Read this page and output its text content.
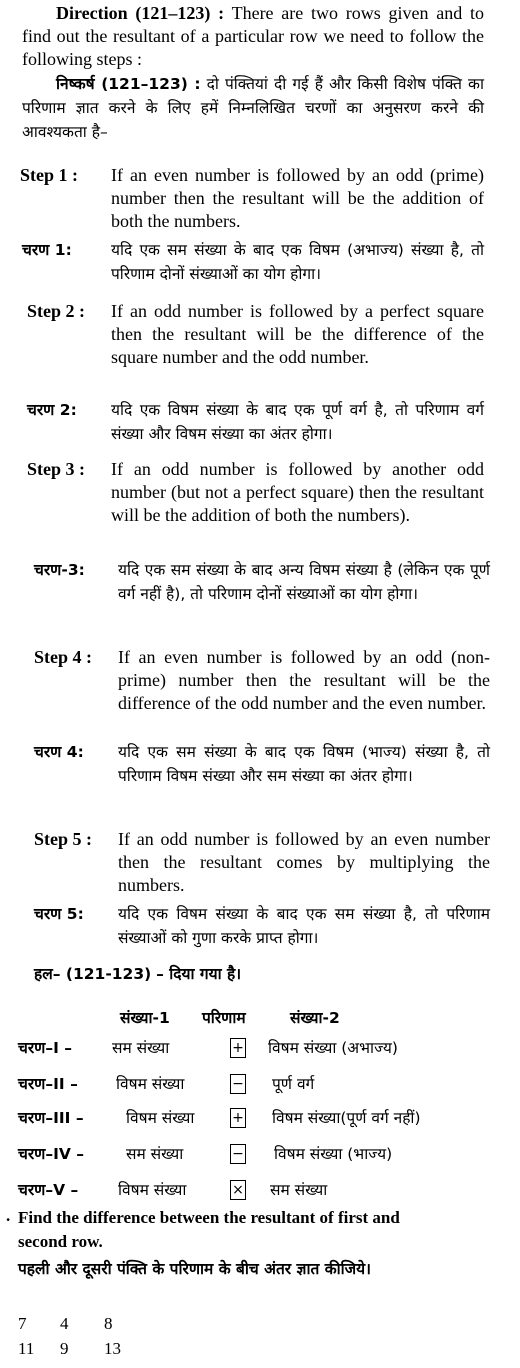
Direction (121–123) : There are two rows given and to find out the resultant of a particular row we need to follow the following steps :
निष्कर्ष (121–123) : दो पंक्तियां दी गई हैं और किसी विशेष पंक्ति का परिणाम ज्ञात करने के लिए हमें निम्नलिखित चरणों का अनुसरण करने की आवश्यकता है–
Step 1 :	If an even number is followed by an odd (prime) number then the resultant will be the addition of both the numbers.
चरण 1:	यदि एक सम संख्या के बाद एक विषम (अभाज्य) संख्या है, तो परिणाम दोनों संख्याओं का योग होगा।
Step 2 :	If an odd number is followed by a perfect square then the resultant will be the difference of the square number and the odd number.
चरण 2:	यदि एक विषम संख्या के बाद एक पूर्ण वर्ग है, तो परिणाम वर्ग संख्या और विषम संख्या का अंतर होगा।
Step 3 :	If an odd number is followed by another odd number (but not a perfect square) then the resultant will be the addition of both the numbers).
चरण-3:	यदि एक सम संख्या के बाद अन्य विषम संख्या है (लेकिन एक पूर्ण वर्ग नहीं है), तो परिणाम दोनों संख्याओं का योग होगा।
Step 4 :	If an even number is followed by an odd (non-prime) number then the resultant will be the difference of the odd number and the even number.
चरण 4:	यदि एक सम संख्या के बाद एक विषम (भाज्य) संख्या है, तो परिणाम विषम संख्या और सम संख्या का अंतर होगा।
Step 5 :	If an odd number is followed by an even number then the resultant comes by multiplying the numbers.
चरण 5:	यदि एक विषम संख्या के बाद एक सम संख्या है, तो परिणाम संख्याओं को गुणा करके प्राप्त होगा।
हल– (121-123) – दिया गया है।
संख्या-1 परिणाम	संख्या-2
चरण–I –	सम संख्या	+ विषम संख्या (अभाज्य)
चरण–II – विषम संख्या	− पूर्ण वर्ग
चरण–III –	विषम संख्या	+ विषम संख्या(पूर्ण वर्ग नहीं)
चरण–IV –	सम संख्या	− विषम संख्या (भाज्य)
चरण–V –	विषम संख्या	× सम संख्या
. Find the difference between the resultant of first and second row.
पहली और दूसरी पंक्ति के परिणाम के बीच अंतर ज्ञात कीजिये।
7 4 8
11 9 13
